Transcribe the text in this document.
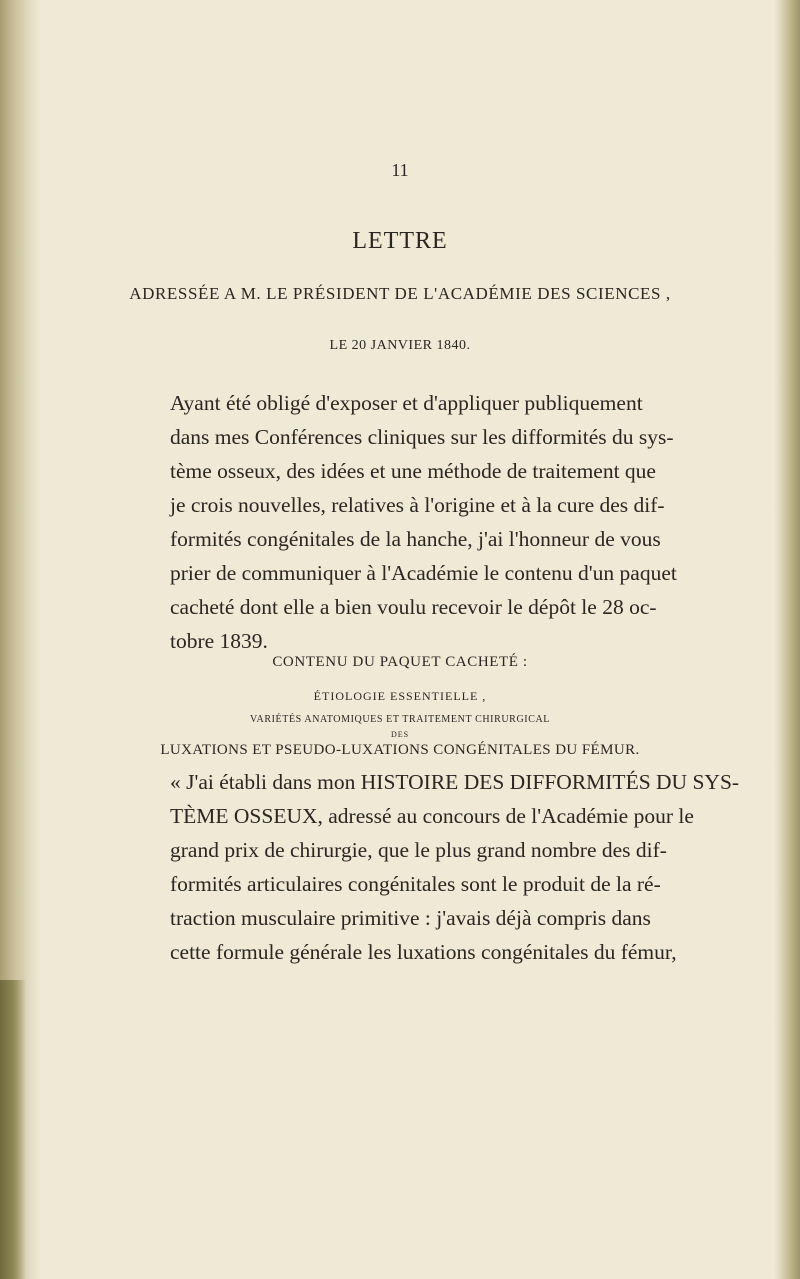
11
LETTRE
ADRESSÉE A M. LE PRÉSIDENT DE L'ACADÉMIE DES SCIENCES ,
LE 20 JANVIER 1840.
Ayant été obligé d'exposer et d'appliquer publiquement
dans mes Conférences cliniques sur les difformités du sys-
tème osseux, des idées et une méthode de traitement que
je crois nouvelles, relatives à l'origine et à la cure des dif-
formités congénitales de la hanche, j'ai l'honneur de vous
prier de communiquer à l'Académie le contenu d'un paquet
cacheté dont elle a bien voulu recevoir le dépôt le 28 oc-
tobre 1839.
CONTENU DU PAQUET CACHETÉ :
ÉTIOLOGIE ESSENTIELLE ,
VARIÉTÉS ANATOMIQUES ET TRAITEMENT CHIRURGICAL
DES
LUXATIONS ET PSEUDO-LUXATIONS CONGÉNITALES DU FÉMUR.
« J'ai établi dans mon HISTOIRE DES DIFFORMITÉS DU SYS-
TÈME OSSEUX, adressé au concours de l'Académie pour le
grand prix de chirurgie, que le plus grand nombre des dif-
formités articulaires congénitales sont le produit de la ré-
traction musculaire primitive : j'avais déjà compris dans
cette formule générale les luxations congénitales du fémur,
